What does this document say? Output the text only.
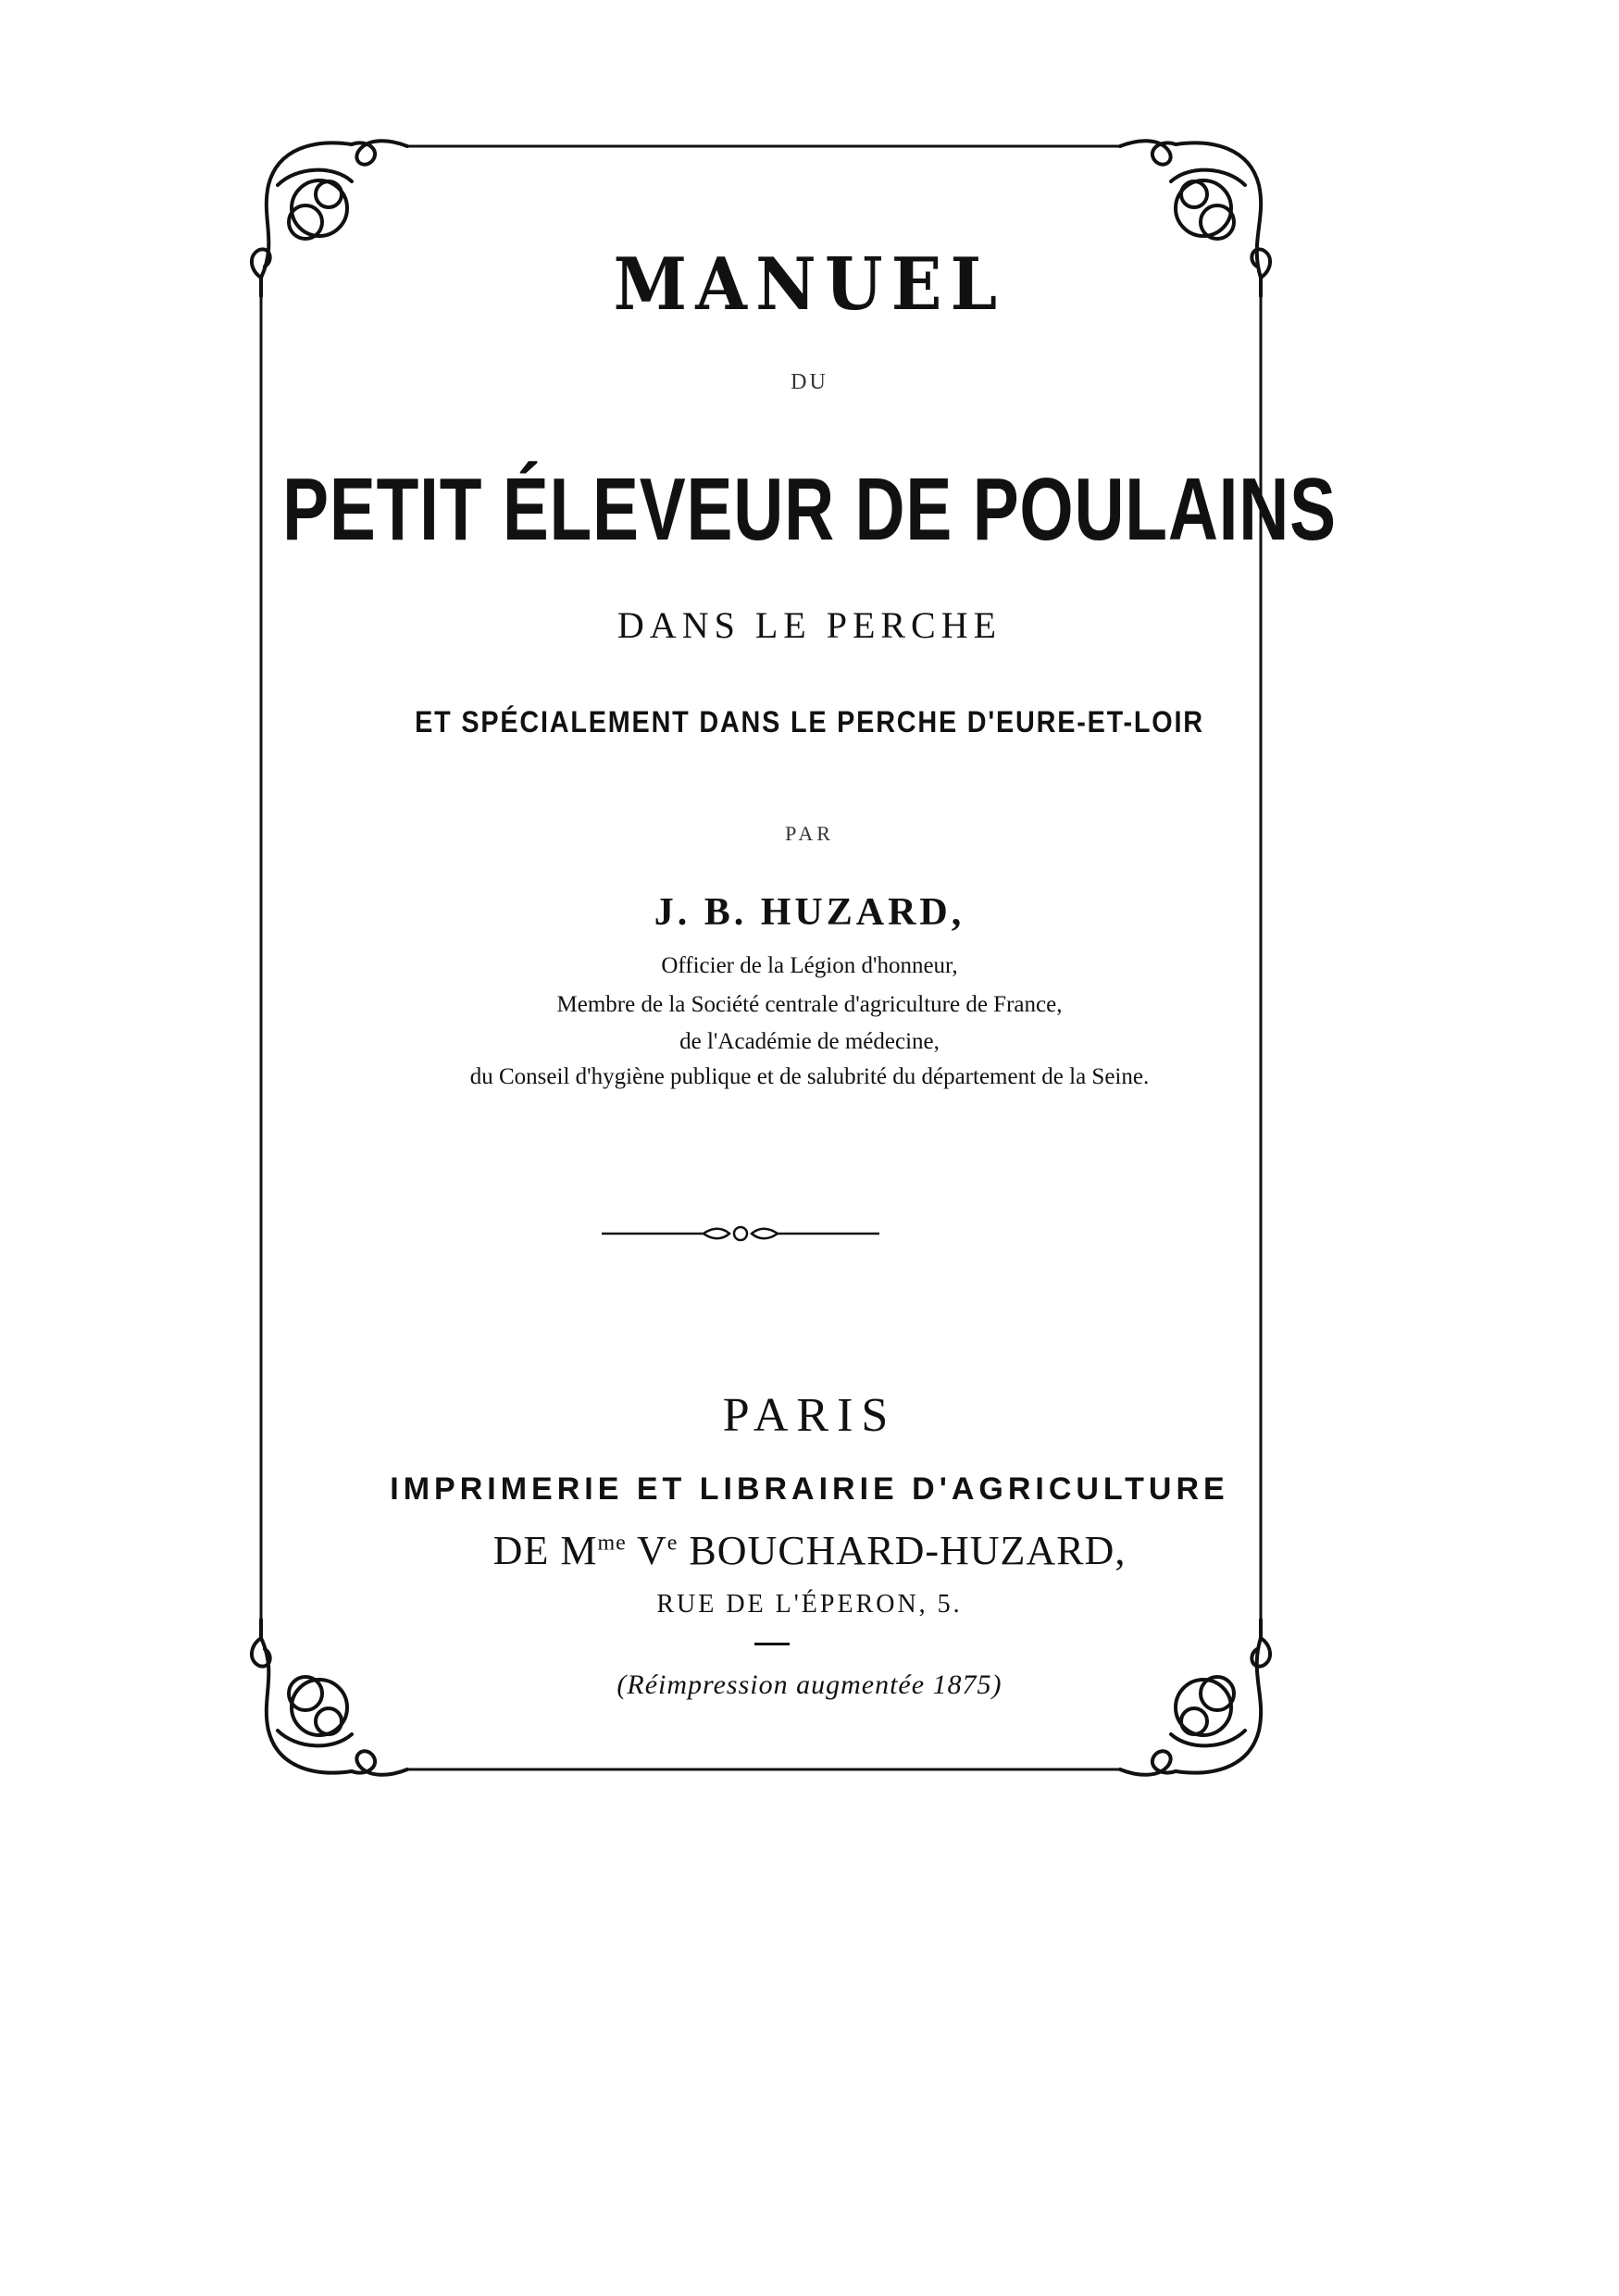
MANUEL
DU
PETIT ÉLEVEUR DE POULAINS
DANS LE PERCHE
ET SPÉCIALEMENT DANS LE PERCHE D'EURE-ET-LOIR
PAR
J. B. HUZARD,
Officier de la Légion d'honneur,
Membre de la Société centrale d'agriculture de France,
de l'Académie de médecine,
du Conseil d'hygiène publique et de salubrité du département de la Seine.
PARIS
IMPRIMERIE ET LIBRAIRIE D'AGRICULTURE
DE $M^{me}$ Ve BOUCHARD-HUZARD,
RUE DE L'ÉPERON, 5.
(Réimpression augmentée 1875)
